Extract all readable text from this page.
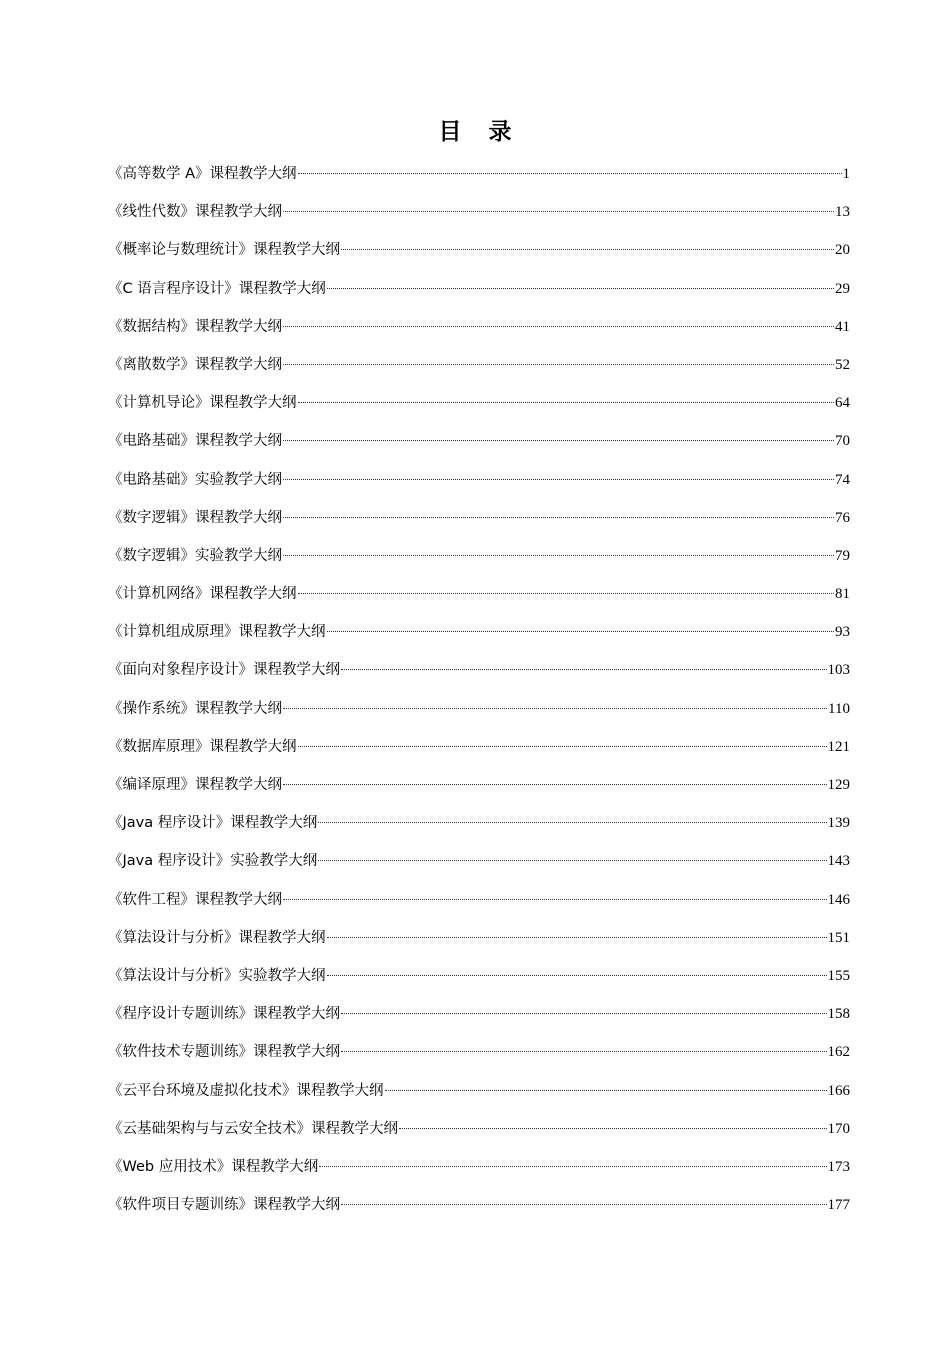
目　录
《高等数学 A》课程教学大纲	1
《线性代数》课程教学大纲	13
《概率论与数理统计》课程教学大纲	20
《C 语言程序设计》课程教学大纲	29
《数据结构》课程教学大纲	41
《离散数学》课程教学大纲	52
《计算机导论》课程教学大纲	64
《电路基础》课程教学大纲	70
《电路基础》实验教学大纲	74
《数字逻辑》课程教学大纲	76
《数字逻辑》实验教学大纲	79
《计算机网络》课程教学大纲	81
《计算机组成原理》课程教学大纲	93
《面向对象程序设计》课程教学大纲	103
《操作系统》课程教学大纲	110
《数据库原理》课程教学大纲	121
《编译原理》课程教学大纲	129
《Java 程序设计》课程教学大纲	139
《Java 程序设计》实验教学大纲	143
《软件工程》课程教学大纲	146
《算法设计与分析》课程教学大纲	151
《算法设计与分析》实验教学大纲	155
《程序设计专题训练》课程教学大纲	158
《软件技术专题训练》课程教学大纲	162
《云平台环境及虚拟化技术》课程教学大纲	166
《云基础架构与与云安全技术》课程教学大纲	170
《Web 应用技术》课程教学大纲	173
《软件项目专题训练》课程教学大纲	177
